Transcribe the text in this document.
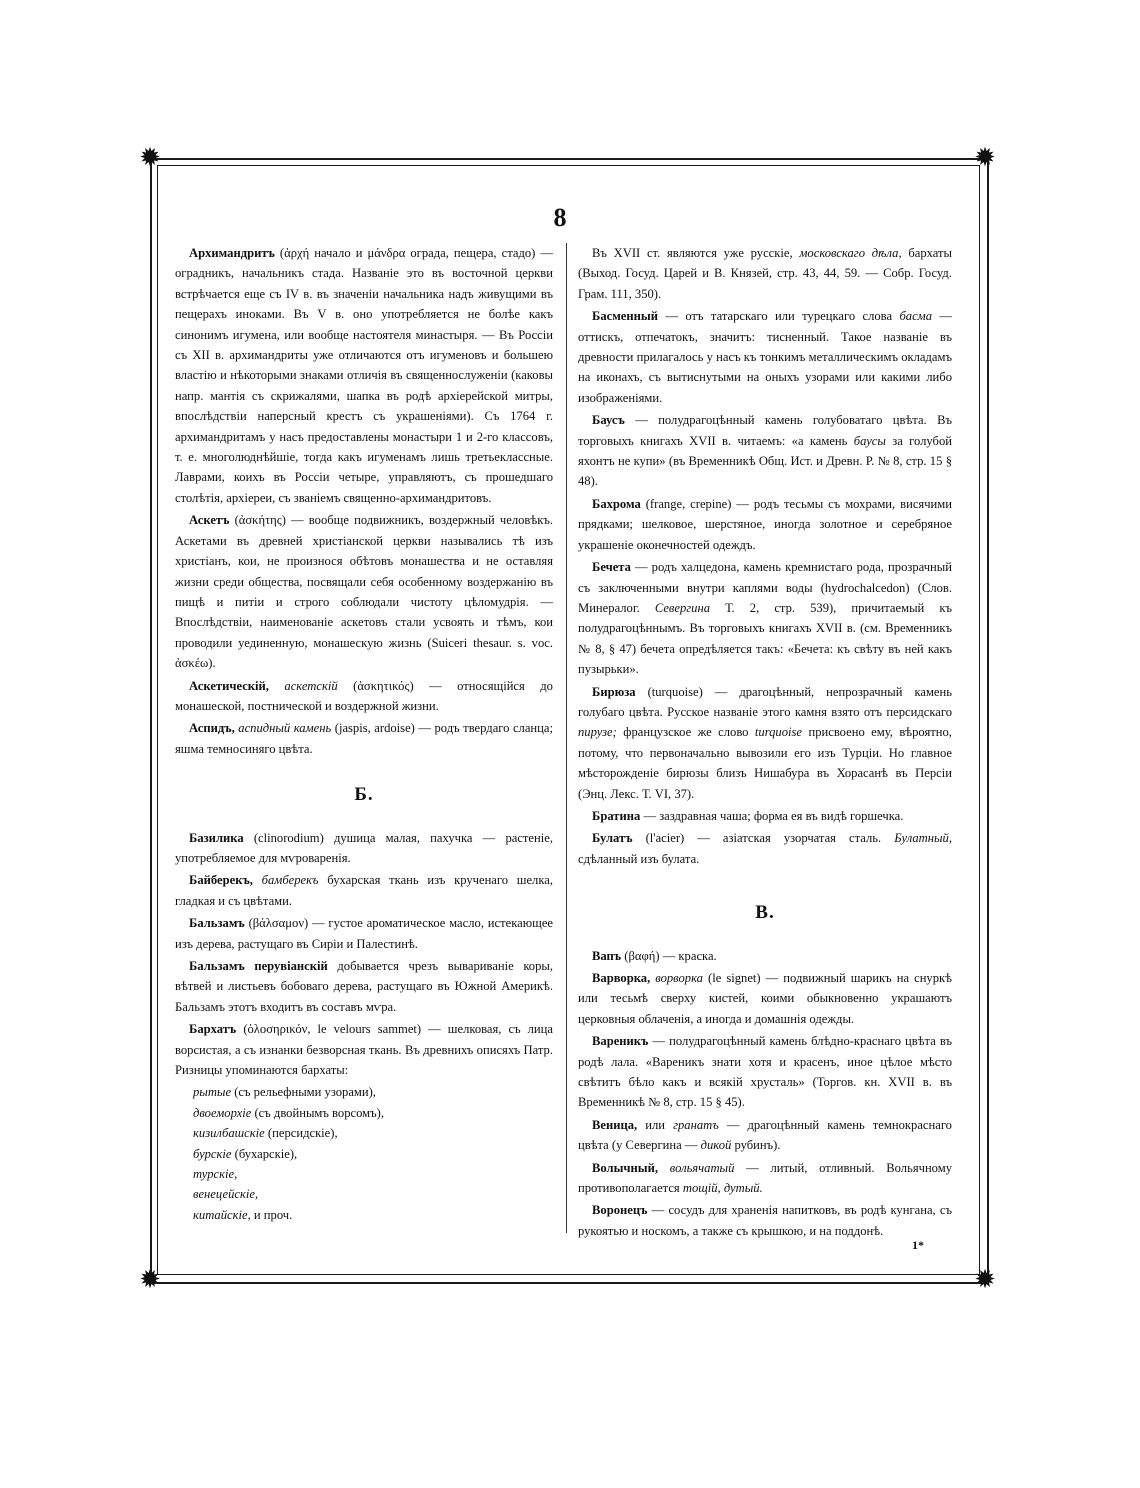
✹	✹
✹	✹
8

Архимандритъ (ἀρχή начало и μάνδρα ограда, пещера, стадо) — оградникъ, начальникъ стада. Названіе это въ восточной церкви встрѣчается еще съ IV в. въ значеніи начальника надъ живущими въ пещерахъ иноками. Въ V в. оно употребляется не болѣе какъ синонимъ игумена, или вообще настоятеля минастыря. — Въ Россіи съ XII в. архимандриты уже отличаются отъ игуменовъ и большею властію и нѣкоторыми знаками отличія въ священнослуженіи (каковы напр. мантія съ скрижалями, шапка въ родѣ архіерейской митры, впослѣдствіи наперсный крестъ съ украшеніями). Съ 1764 г. архимандритамъ у насъ предоставлены монастыри 1 и 2-го классовъ, т. е. многолюднѣйшіе, тогда какъ игуменамъ лишь третьеклассные. Лаврами, коихъ въ Россіи четыре, управляютъ, съ прошедшаго столѣтія, архіереи, съ званіемъ священно-архимандритовъ.

Аскетъ (ἀσκήτης) — вообще подвижникъ, воздержный человѣкъ. Аскетами въ древней христіанской церкви назывались тѣ изъ христіанъ, кои, не произнося обѣтовъ монашества и не оставляя жизни среди общества, посвящали себя особенному воздержанію въ пищѣ и питіи и строго соблюдали чистоту цѣломудрія. — Впослѣдствіи, наименованіе аскетовъ стали усвоять и тѣмъ, кои проводили уединенную, монашескую жизнь (Suiceri thesaur. s. voc. ἀσκέω).

Аскетическій, аскетскій (ἀσκητικός) — относящійся до монашеской, постнической и воздержной жизни.

Аспидъ, аспидный камень (jaspis, ardoise) — родъ твердаго сланца; яшма темносиняго цвѣта.

Б.

Базилика (clinorodium) душица малая, пахучка — растеніе, употребляемое для мѵроваренія.

Байберекъ, бамберекъ бухарская ткань изъ крученаго шелка, гладкая и съ цвѣтами.

Бальзамъ (βάλσαμον) — густое ароматическое масло, истекающее изъ дерева, растущаго въ Сиріи и Палестинѣ.

Бальзамъ перувіанскій добывается чрезъ вывариваніе коры, вѣтвей и листьевъ бобоваго дерева, растущаго въ Южной Америкѣ. Бальзамъ этотъ входитъ въ составъ мѵра.

Бархатъ (ὁλοσηρικόν, le velours sammet) — шелковая, съ лица ворсистая, а съ изнанки безворсная ткань. Въ древнихъ описяхъ Патр. Ризницы упоминаются бархаты:

рытые (съ рельефными узорами),
двоеморхіе (съ двойнымъ ворсомъ),
кизилбашскіе (персидскіе),
бурскіе (бухарскіе),
турскіе,
венецейскіе,
китайскіе, и проч.

Въ XVII ст. являются уже русскіе, московскаго дѣла, бархаты (Выход. Госуд. Царей и В. Князей, стр. 43, 44, 59. — Собр. Госуд. Грам. 111, 350).

Басменный — отъ татарскаго или турецкаго слова басма — оттискъ, отпечатокъ, значитъ: тисненный. Такое названіе въ древности прилагалось у насъ къ тонкимъ металлическимъ окладамъ на иконахъ, съ вытиснутыми на оныхъ узорами или какими либо изображеніями.

Баусъ — полудрагоцѣнный камень голубоватаго цвѣта. Въ торговыхъ книгахъ XVII в. читаемъ: «а камень баусы за голубой яхонтъ не купи» (въ Временникѣ Общ. Ист. и Древн. Р. № 8, стр. 15 § 48).

Бахрома (frange, crepine) — родъ тесьмы съ мохрами, висячими прядками; шелковое, шерстяное, иногда золотное и серебряное украшеніе оконечностей одеждъ.

Бечета — родъ халцедона, камень кремнистаго рода, прозрачный съ заключенными внутри каплями воды (hydrochalcedon) (Слов. Минералог. Севергина Т. 2, стр. 539), причитаемый къ полудрагоцѣннымъ. Въ торговыхъ книгахъ XVII в. (см. Временникъ № 8, § 47) бечета опредѣляется такъ: «Бечета: къ свѣту въ ней какъ пузырьки».

Бирюза (turquoise) — драгоцѣнный, непрозрачный камень голубаго цвѣта. Русское названіе этого камня взято отъ персидскаго пирузе; французское же слово turquoise присвоено ему, вѣроятно, потому, что первоначально вывозили его изъ Турціи. Но главное мѣсторожденіе бирюзы близъ Нишабура въ Хорасанѣ въ Персіи (Энц. Лекс. Т. VI, 37).

Братина — заздравная чаша; форма ея въ видѣ горшечка.

Булатъ (l'acier) — азіатская узорчатая сталь. Булатный, сдѣланный изъ булата.

В.

Вапъ (βαφή) — краска.

Варворка, ворворка (le signet) — подвижный шарикъ на снуркѣ или тесьмѣ сверху кистей, коими обыкновенно украшаютъ церковныя облаченія, а иногда и домашнія одежды.

Вареникъ — полудрагоцѣнный камень блѣдно-краснаго цвѣта въ родѣ лала. «Вареникъ знати хотя и красенъ, иное цѣлое мѣсто свѣтитъ бѣло какъ и всякій хрусталь» (Торгов. кн. XVII в. въ Временникѣ № 8, стр. 15 § 45).

Веница, или гранатъ — драгоцѣнный камень темнокраснаго цвѣта (у Севергина — дикой рубинъ).

Волычный, вольячатый — литый, отливный. Вольячному противополагается тощій, дутый.

Воронецъ — сосудъ для храненія напитковъ, въ родѣ кунгана, съ рукоятью и носкомъ, а также съ крышкою, и на поддонѣ.

1*
